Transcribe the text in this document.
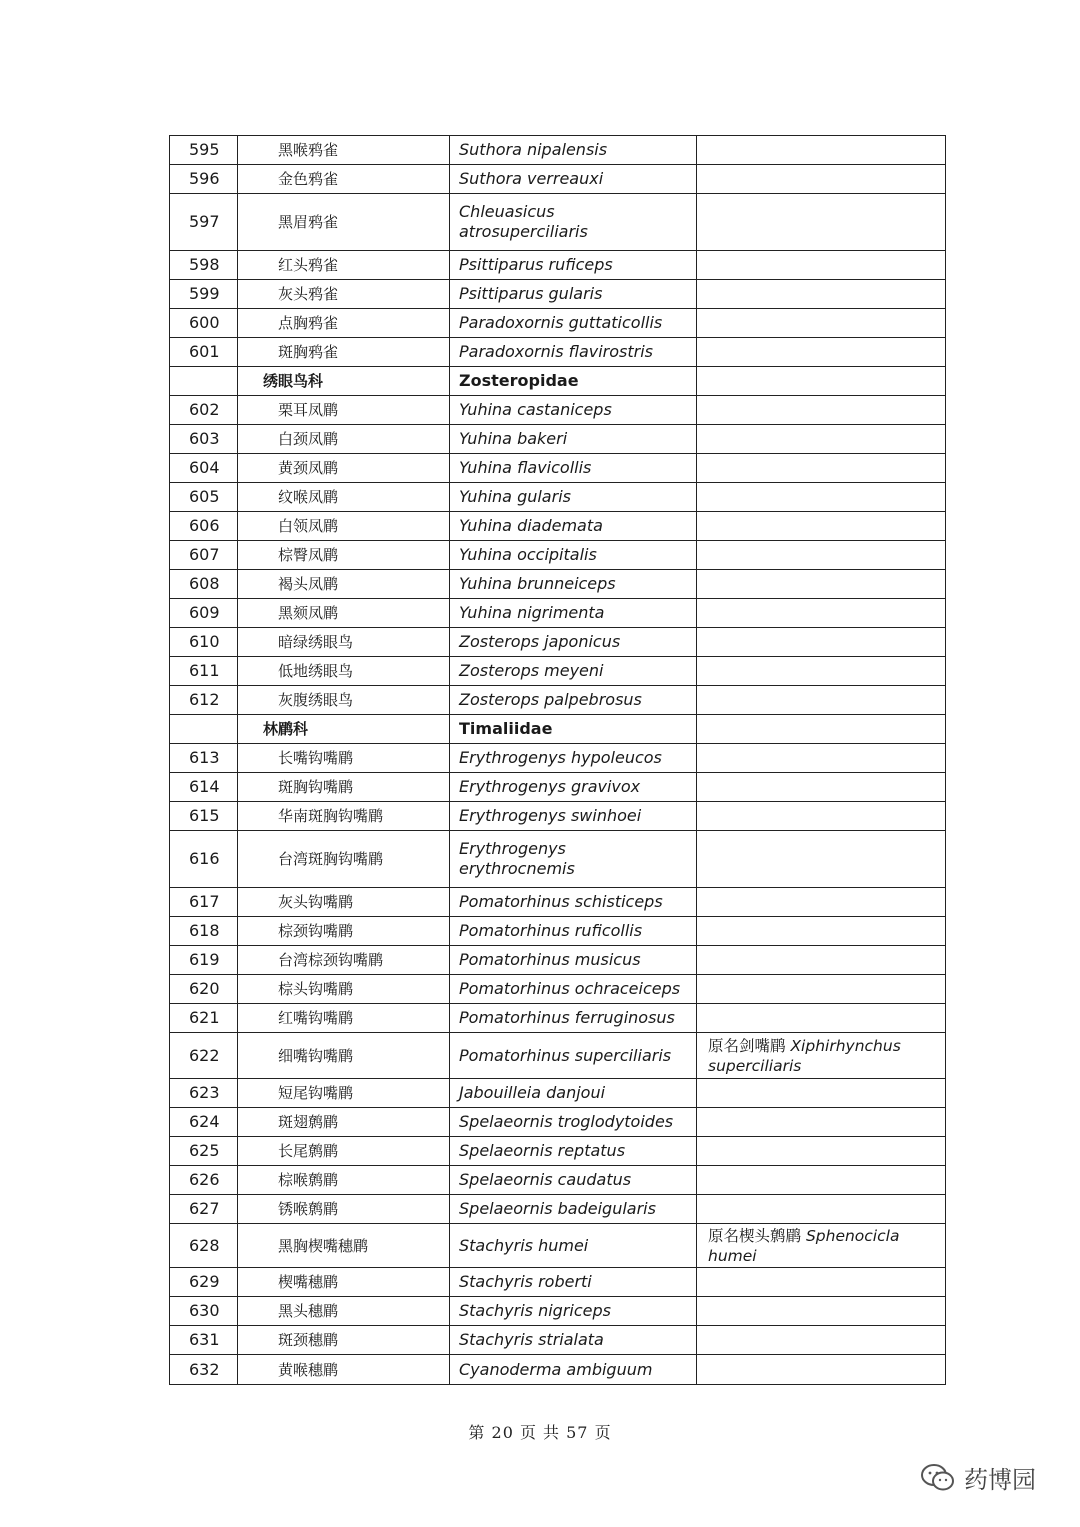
595	黑喉鸦雀	Suthora nipalensis	
596	金色鸦雀	Suthora verreauxi	
597	黑眉鸦雀	Chleuasicus
atrosuperciliaris	
598	红头鸦雀	Psittiparus ruficeps	
599	灰头鸦雀	Psittiparus gularis	
600	点胸鸦雀	Paradoxornis guttaticollis	
601	斑胸鸦雀	Paradoxornis flavirostris	
	绣眼鸟科	Zosteropidae	
602	栗耳凤鹛	Yuhina castaniceps	
603	白颈凤鹛	Yuhina bakeri	
604	黄颈凤鹛	Yuhina flavicollis	
605	纹喉凤鹛	Yuhina gularis	
606	白领凤鹛	Yuhina diademata	
607	棕臀凤鹛	Yuhina occipitalis	
608	褐头凤鹛	Yuhina brunneiceps	
609	黑颏凤鹛	Yuhina nigrimenta	
610	暗绿绣眼鸟	Zosterops japonicus	
611	低地绣眼鸟	Zosterops meyeni	
612	灰腹绣眼鸟	Zosterops palpebrosus	
	林鹛科	Timaliidae	
613	长嘴钩嘴鹛	Erythrogenys hypoleucos	
614	斑胸钩嘴鹛	Erythrogenys gravivox	
615	华南斑胸钩嘴鹛	Erythrogenys swinhoei	
616	台湾斑胸钩嘴鹛	Erythrogenys
erythrocnemis	
617	灰头钩嘴鹛	Pomatorhinus schisticeps	
618	棕颈钩嘴鹛	Pomatorhinus ruficollis	
619	台湾棕颈钩嘴鹛	Pomatorhinus musicus	
620	棕头钩嘴鹛	Pomatorhinus ochraceiceps	
621	红嘴钩嘴鹛	Pomatorhinus ferruginosus	
622	细嘴钩嘴鹛	Pomatorhinus superciliaris	原名剑嘴鹛 Xiphirhynchus superciliaris
623	短尾钩嘴鹛	Jabouilleia danjoui	
624	斑翅鹩鹛	Spelaeornis troglodytoides	
625	长尾鹩鹛	Spelaeornis reptatus	
626	棕喉鹩鹛	Spelaeornis caudatus	
627	锈喉鹩鹛	Spelaeornis badeigularis	
628	黑胸楔嘴穗鹛	Stachyris humei	原名楔头鹩鹛 Sphenocicla humei
629	楔嘴穗鹛	Stachyris roberti	
630	黑头穗鹛	Stachyris nigriceps	
631	斑颈穗鹛	Stachyris strialata	
632	黄喉穗鹛	Cyanoderma ambiguum	
第 20 页 共 57 页
药博园
